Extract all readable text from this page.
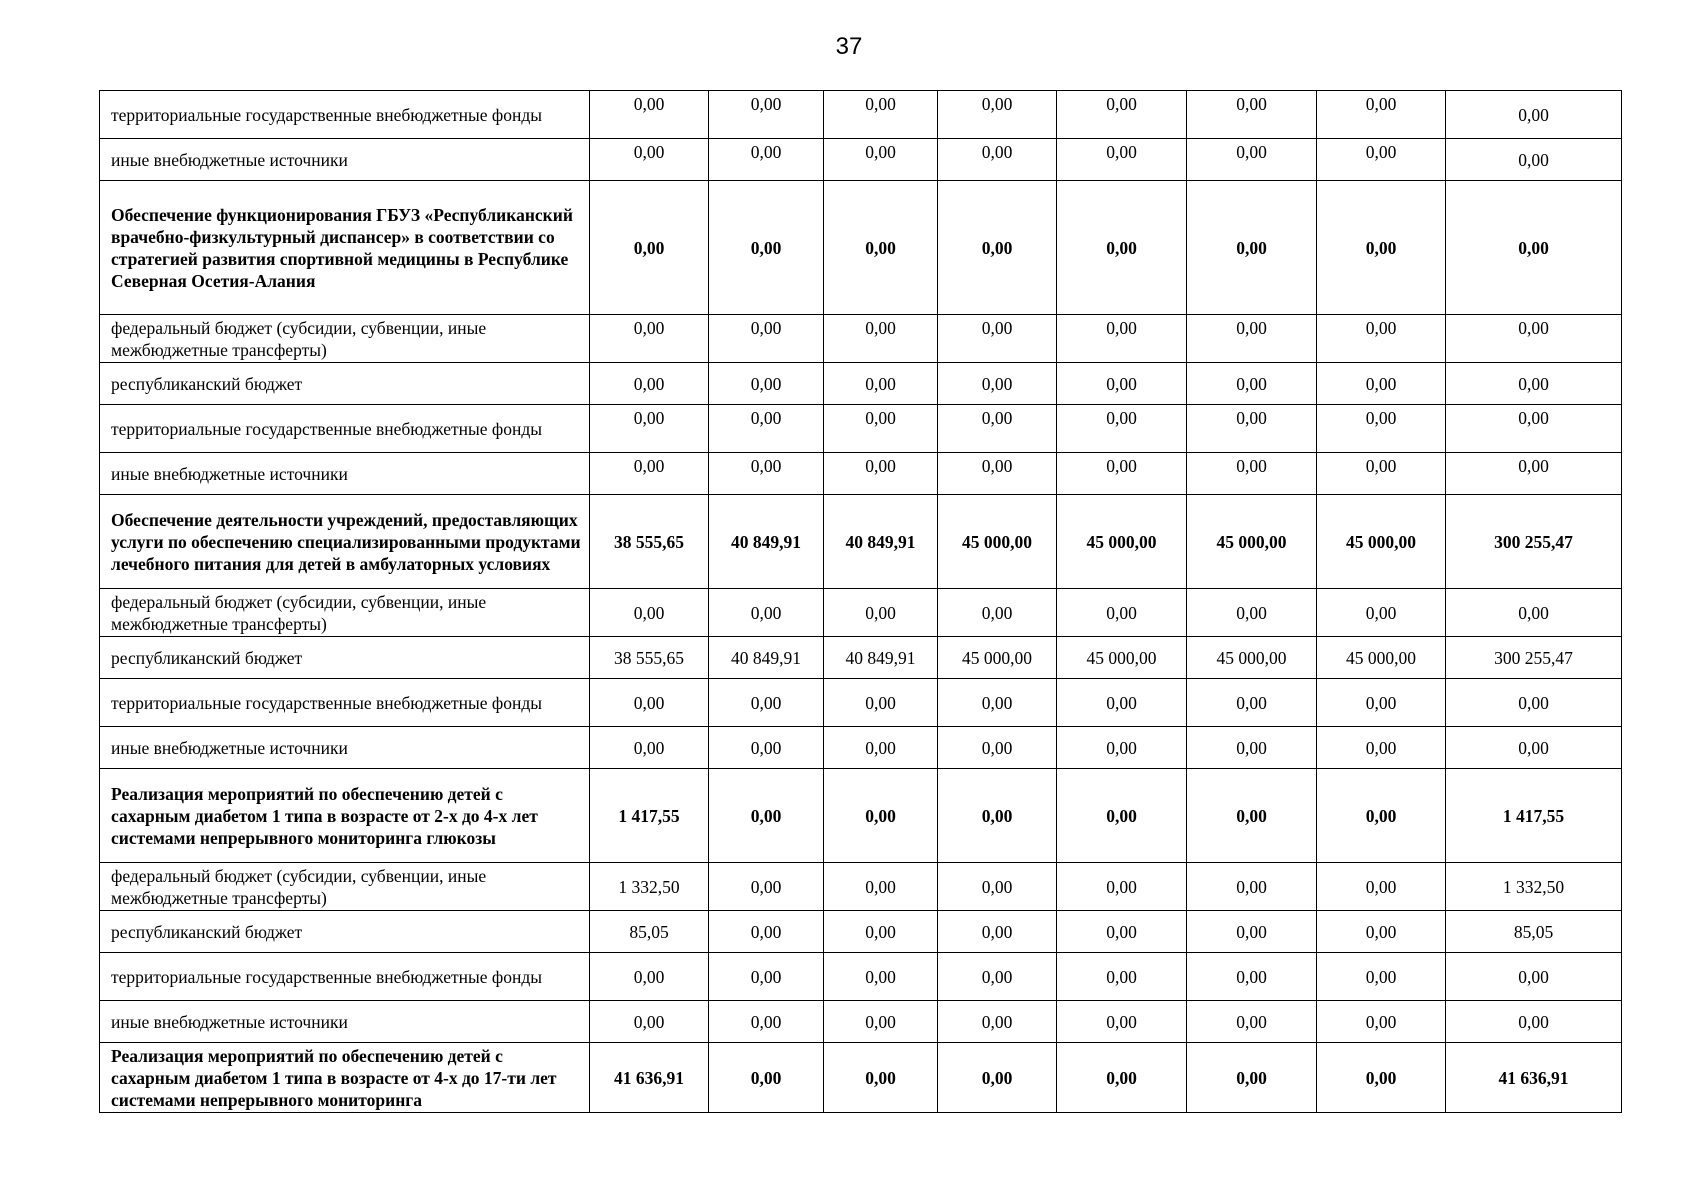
37
территориальные государственные внебюджетные фонды	0,00	0,00	0,00	0,00	0,00	0,00	0,00	0,00
иные внебюджетные источники	0,00	0,00	0,00	0,00	0,00	0,00	0,00	0,00
Обеспечение функционирования ГБУЗ «Республиканский врачебно-физкультурный диспансер» в соответствии со стратегией развития спортивной медицины в Республике Северная Осетия-Алания	0,00	0,00	0,00	0,00	0,00	0,00	0,00	0,00
федеральный бюджет (субсидии, субвенции, иные межбюджетные трансферты)	0,00	0,00	0,00	0,00	0,00	0,00	0,00	0,00
республиканский бюджет	0,00	0,00	0,00	0,00	0,00	0,00	0,00	0,00
территориальные государственные внебюджетные фонды	0,00	0,00	0,00	0,00	0,00	0,00	0,00	0,00
иные внебюджетные источники	0,00	0,00	0,00	0,00	0,00	0,00	0,00	0,00
Обеспечение деятельности учреждений, предоставляющих услуги по обеспечению специализированными продуктами лечебного питания для детей в амбулаторных условиях	38 555,65	40 849,91	40 849,91	45 000,00	45 000,00	45 000,00	45 000,00	300 255,47
федеральный бюджет (субсидии, субвенции, иные межбюджетные трансферты)	0,00	0,00	0,00	0,00	0,00	0,00	0,00	0,00
республиканский бюджет	38 555,65	40 849,91	40 849,91	45 000,00	45 000,00	45 000,00	45 000,00	300 255,47
территориальные государственные внебюджетные фонды	0,00	0,00	0,00	0,00	0,00	0,00	0,00	0,00
иные внебюджетные источники	0,00	0,00	0,00	0,00	0,00	0,00	0,00	0,00
Реализация мероприятий по обеспечению детей с сахарным диабетом 1 типа в возрасте от 2-х до 4-х лет системами непрерывного мониторинга глюкозы	1 417,55	0,00	0,00	0,00	0,00	0,00	0,00	1 417,55
федеральный бюджет (субсидии, субвенции, иные межбюджетные трансферты)	1 332,50	0,00	0,00	0,00	0,00	0,00	0,00	1 332,50
республиканский бюджет	85,05	0,00	0,00	0,00	0,00	0,00	0,00	85,05
территориальные государственные внебюджетные фонды	0,00	0,00	0,00	0,00	0,00	0,00	0,00	0,00
иные внебюджетные источники	0,00	0,00	0,00	0,00	0,00	0,00	0,00	0,00
Реализация мероприятий по обеспечению детей с сахарным диабетом 1 типа в возрасте от 4-х до 17-ти лет системами непрерывного мониторинга	41 636,91	0,00	0,00	0,00	0,00	0,00	0,00	41 636,91
